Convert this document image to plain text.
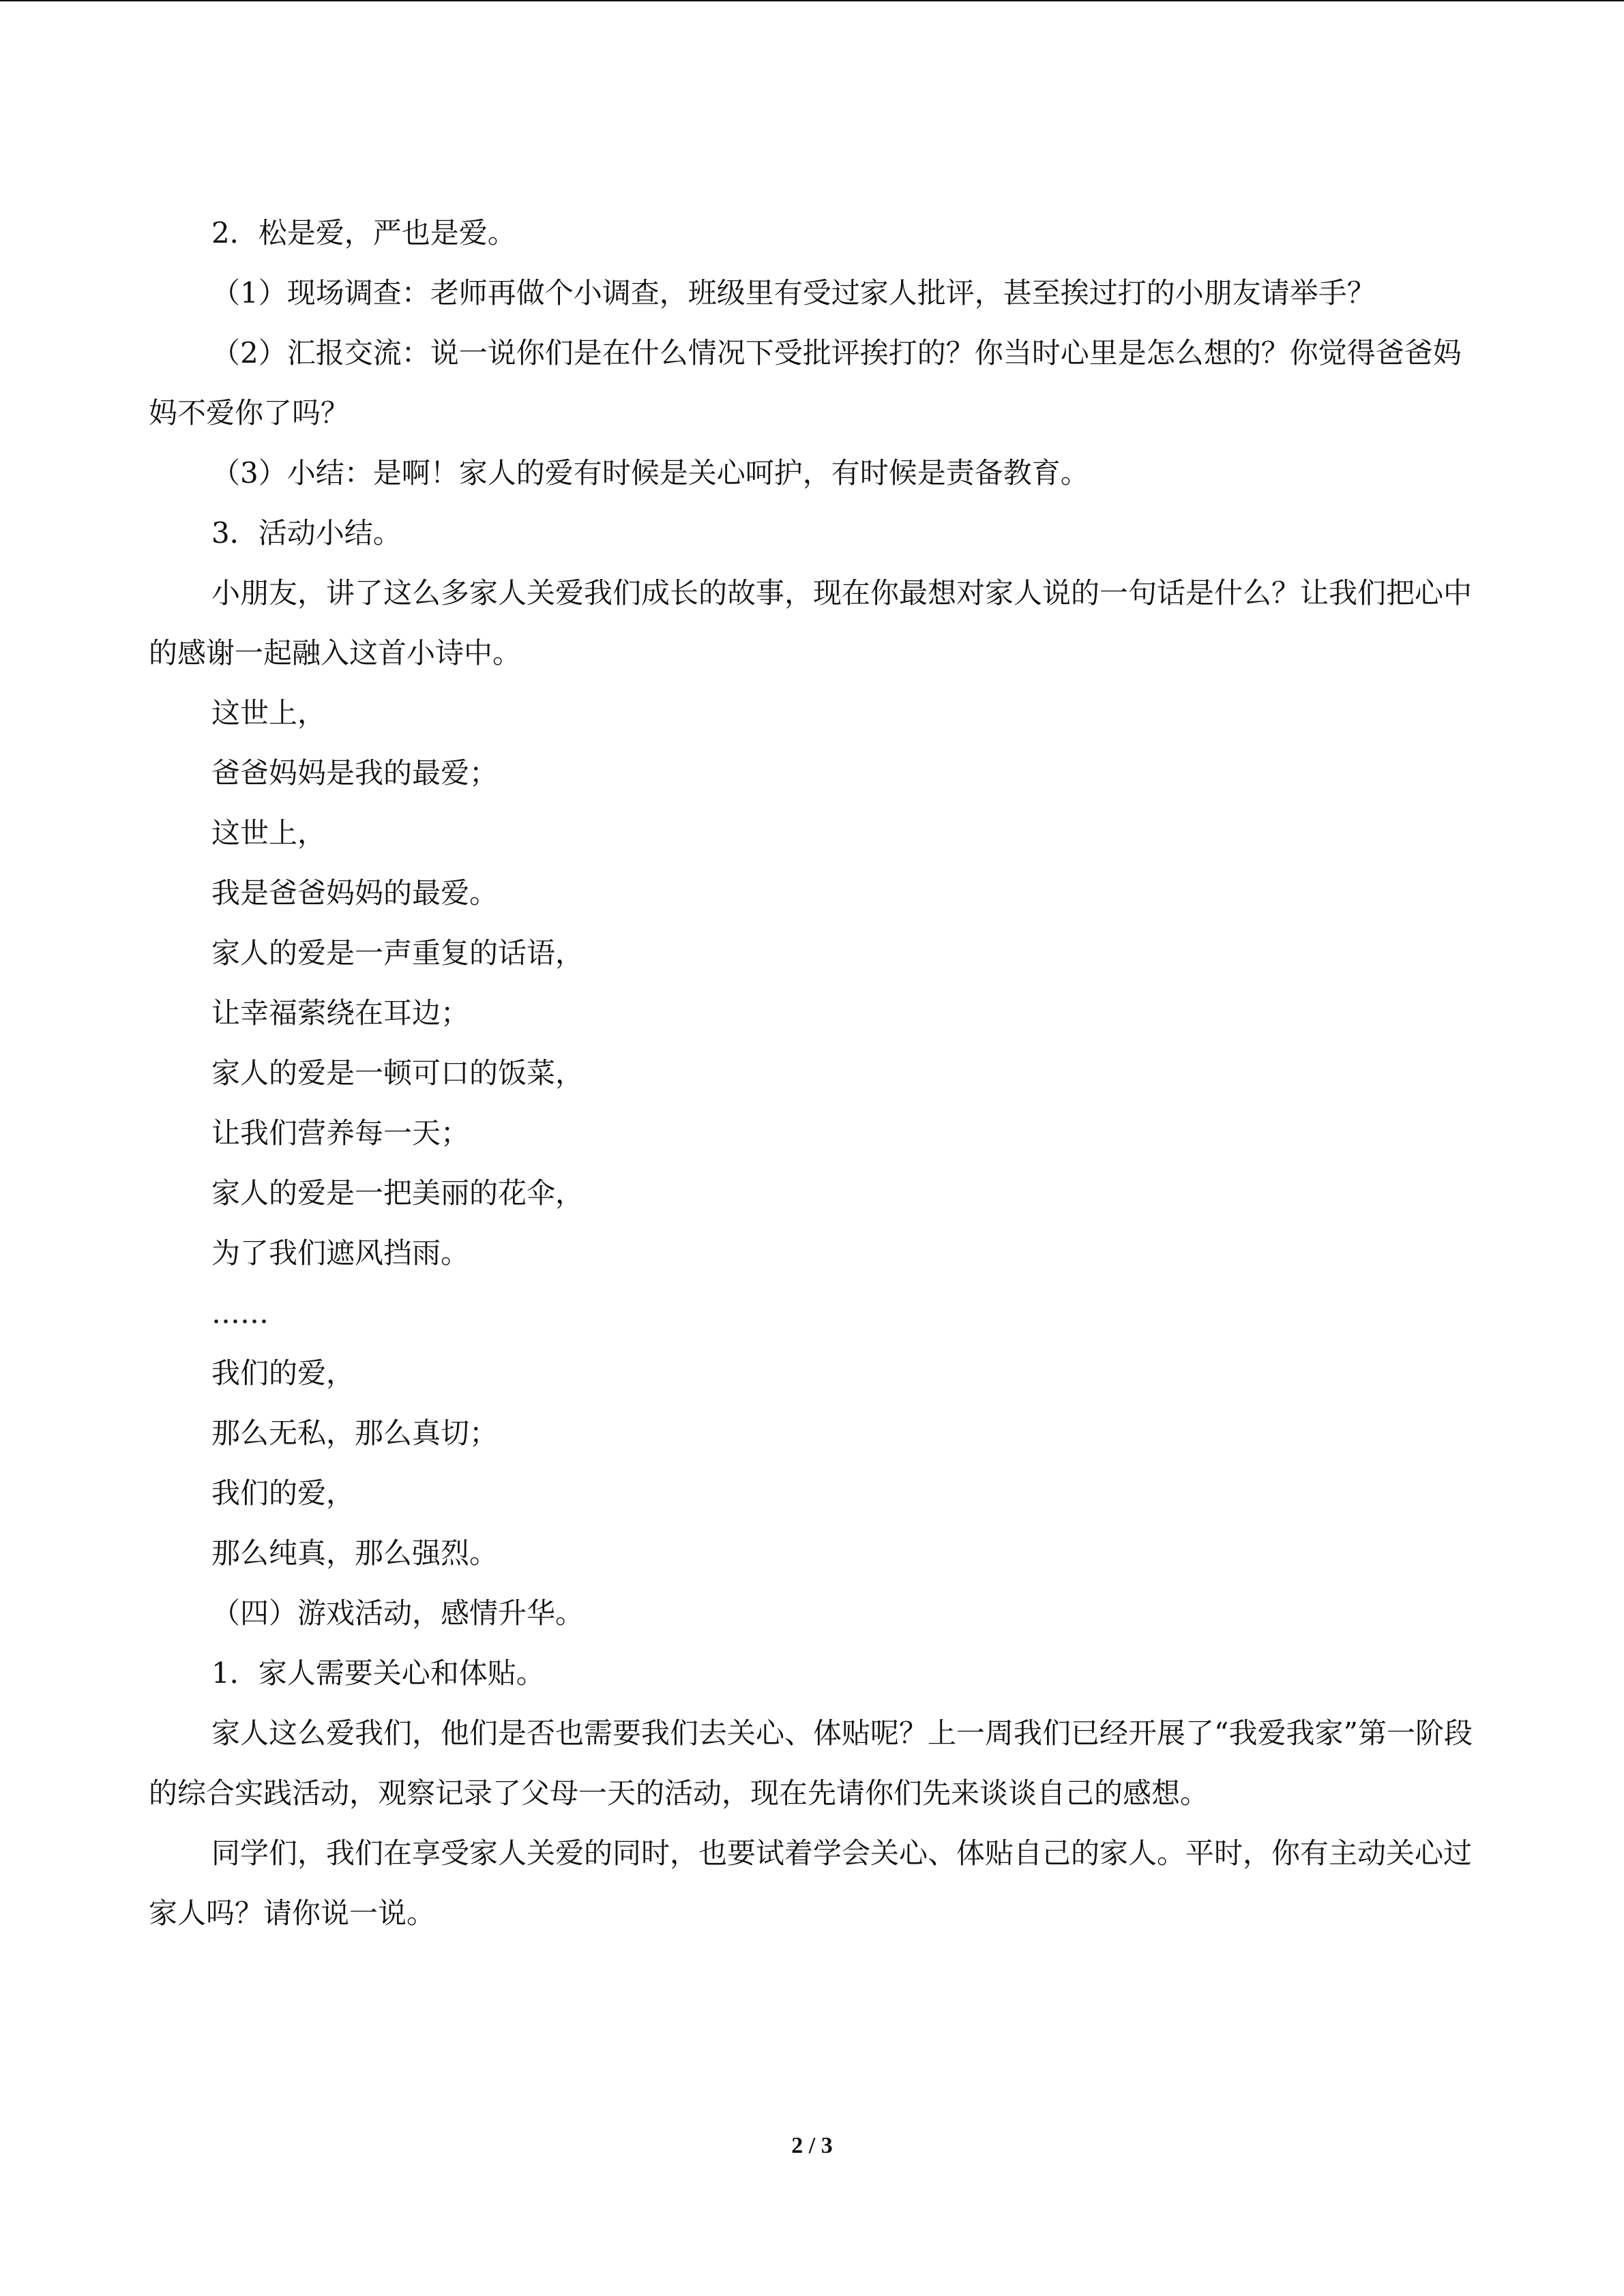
2．松是爱，严也是爱。

（1）现场调查：老师再做个小调查，班级里有受过家人批评，甚至挨过打的小朋友请举手？

（2）汇报交流：说一说你们是在什么情况下受批评挨打的？你当时心里是怎么想的？你觉得爸爸妈妈不爱你了吗？

（3）小结：是啊！家人的爱有时候是关心呵护，有时候是责备教育。

3．活动小结。

小朋友，讲了这么多家人关爱我们成长的故事，现在你最想对家人说的一句话是什么？让我们把心中的感谢一起融入这首小诗中。

这世上，

爸爸妈妈是我的最爱；

这世上，

我是爸爸妈妈的最爱。

家人的爱是一声重复的话语，

让幸福萦绕在耳边；

家人的爱是一顿可口的饭菜，

让我们营养每一天；

家人的爱是一把美丽的花伞，

为了我们遮风挡雨。

……

我们的爱，

那么无私，那么真切；

我们的爱，

那么纯真，那么强烈。

（四）游戏活动，感情升华。

1．家人需要关心和体贴。

家人这么爱我们，他们是否也需要我们去关心、体贴呢？上一周我们已经开展了“我爱我家”第一阶段的综合实践活动，观察记录了父母一天的活动，现在先请你们先来谈谈自己的感想。

同学们，我们在享受家人关爱的同时，也要试着学会关心、体贴自己的家人。平时，你有主动关心过家人吗？请你说一说。

2 / 3
